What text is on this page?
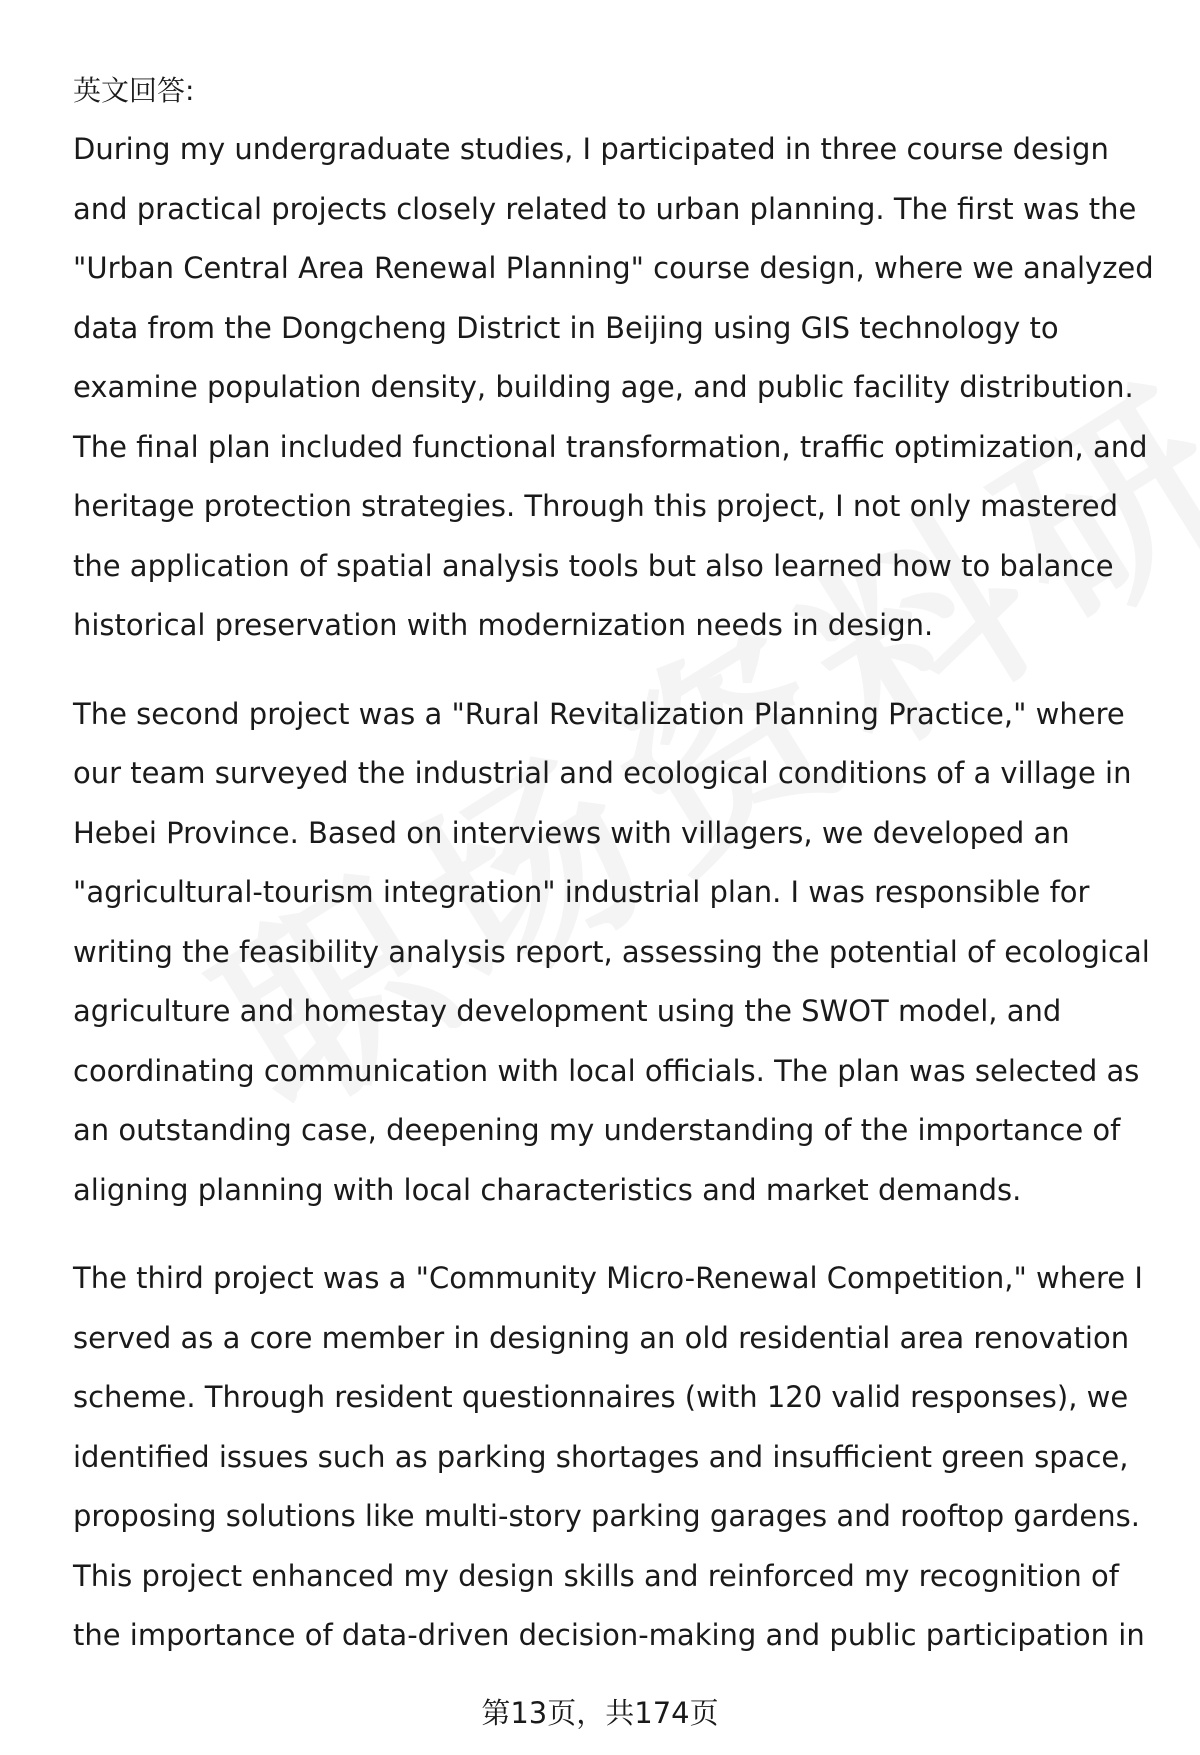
英文回答:

During my undergraduate studies, I participated in three course design and practical projects closely related to urban planning. The first was the "Urban Central Area Renewal Planning" course design, where we analyzed data from the Dongcheng District in Beijing using GIS technology to examine population density, building age, and public facility distribution. The final plan included functional transformation, traffic optimization, and heritage protection strategies. Through this project, I not only mastered the application of spatial analysis tools but also learned how to balance historical preservation with modernization needs in design.

The second project was a "Rural Revitalization Planning Practice," where our team surveyed the industrial and ecological conditions of a village in Hebei Province. Based on interviews with villagers, we developed an "agricultural-tourism integration" industrial plan. I was responsible for writing the feasibility analysis report, assessing the potential of ecological agriculture and homestay development using the SWOT model, and coordinating communication with local officials. The plan was selected as an outstanding case, deepening my understanding of the importance of aligning planning with local characteristics and market demands.

The third project was a "Community Micro-Renewal Competition," where I served as a core member in designing an old residential area renovation scheme. Through resident questionnaires (with 120 valid responses), we identified issues such as parking shortages and insufficient green space, proposing solutions like multi-story parking garages and rooftop gardens. This project enhanced my design skills and reinforced my recognition of the importance of data-driven decision-making and public participation in

第13页，共174页
